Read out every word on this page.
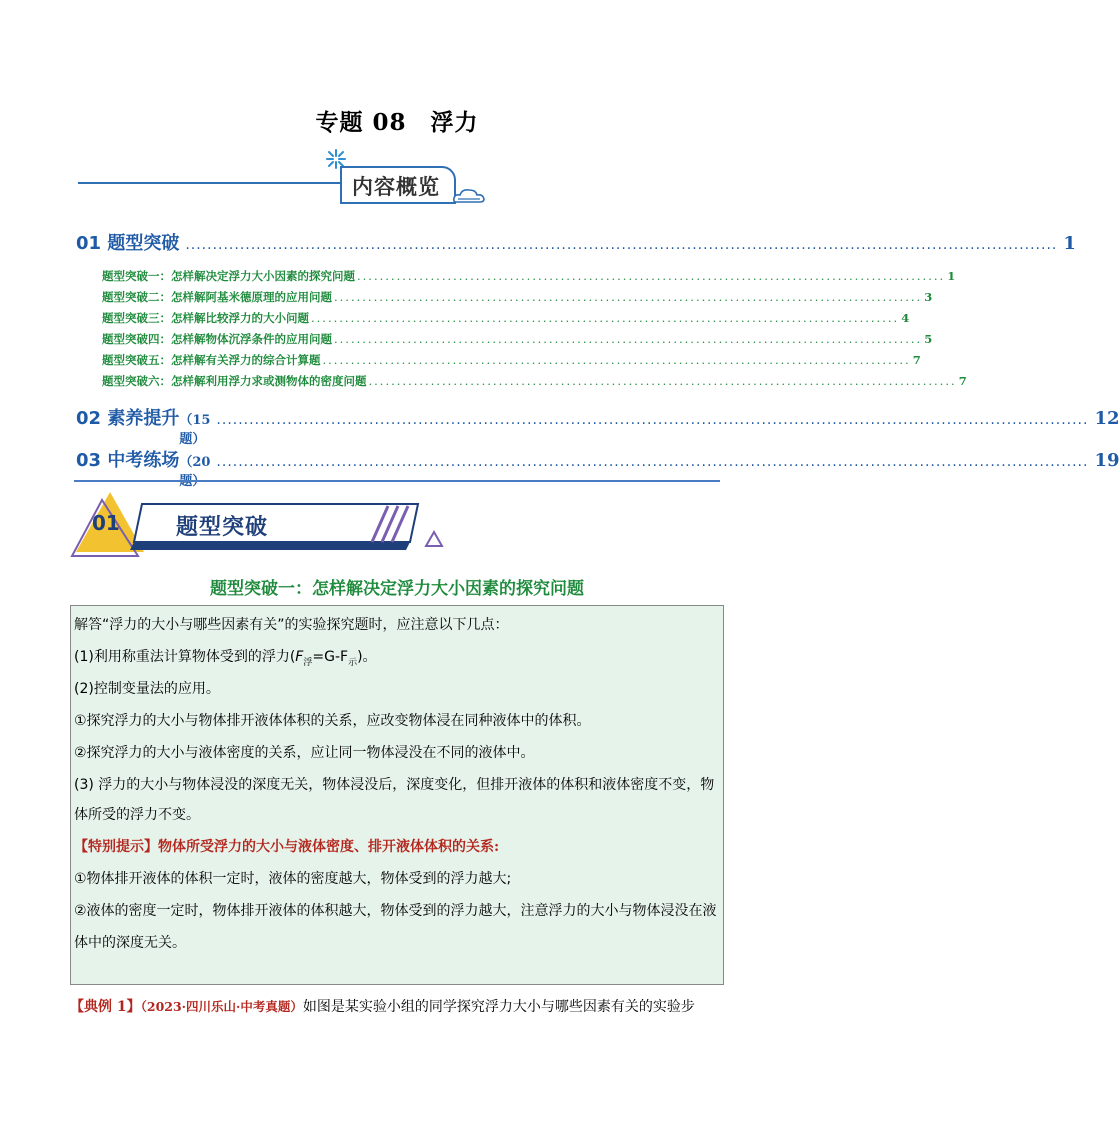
专题 08 浮力
内容概览
01 题型突破 ................................................................................................................................................................ 1
题型突破一：怎样解决定浮力大小因素的探究问题 ........................................................................................................ 1
题型突破二：怎样解阿基米德原理的应用问题 ........................................................................................................ 3
题型突破三：怎样解比较浮力的大小问题 ........................................................................................................ 4
题型突破四：怎样解物体沉浮条件的应用问题 ........................................................................................................ 5
题型突破五：怎样解有关浮力的综合计算题 ........................................................................................................ 7
题型突破六：怎样解利用浮力求或测物体的密度问题 ........................................................................................................ 7
02 素养提升 （15 题）
................................................................................................................................................................ 12
03 中考练场 （20 ................................................................................................................................................................ 19
01	题型突破
题型突破一：怎样解决定浮力大小因素的探究问题
解答“浮力的大小与哪些因素有关”的实验探究题时，应注意以下几点：
(1)利用称重法计算物体受到的浮力$(F_浮=G-F_示)$。
(2)控制变量法的应用。
①探究浮力的大小与物体排开液体体积的关系，应改变物体浸在同种液体中的体积。
②探究浮力的大小与液体密度的关系，应让同一物体浸没在不同的液体中。
(3) 浮力的大小与物体浸没的深度无关，物体浸没后，深度变化，但排开液体的体积和液体密度不变，物
体所受的浮力不变。
【特别提示】物体所受浮力的大小与液体密度、排开液体体积的关系:
①物体排开液体的体积一定时，液体的密度越大，物体受到的浮力越大;
②液体的密度一定时，物体排开液体的体积越大，物体受到的浮力越大，注意浮力的大小与物体浸没在液
体中的深度无关。
【典例 1】（2023·四川乐山·中考真题）如图是某实验小组的同学探究浮力大小与哪些因素有关的实验步
